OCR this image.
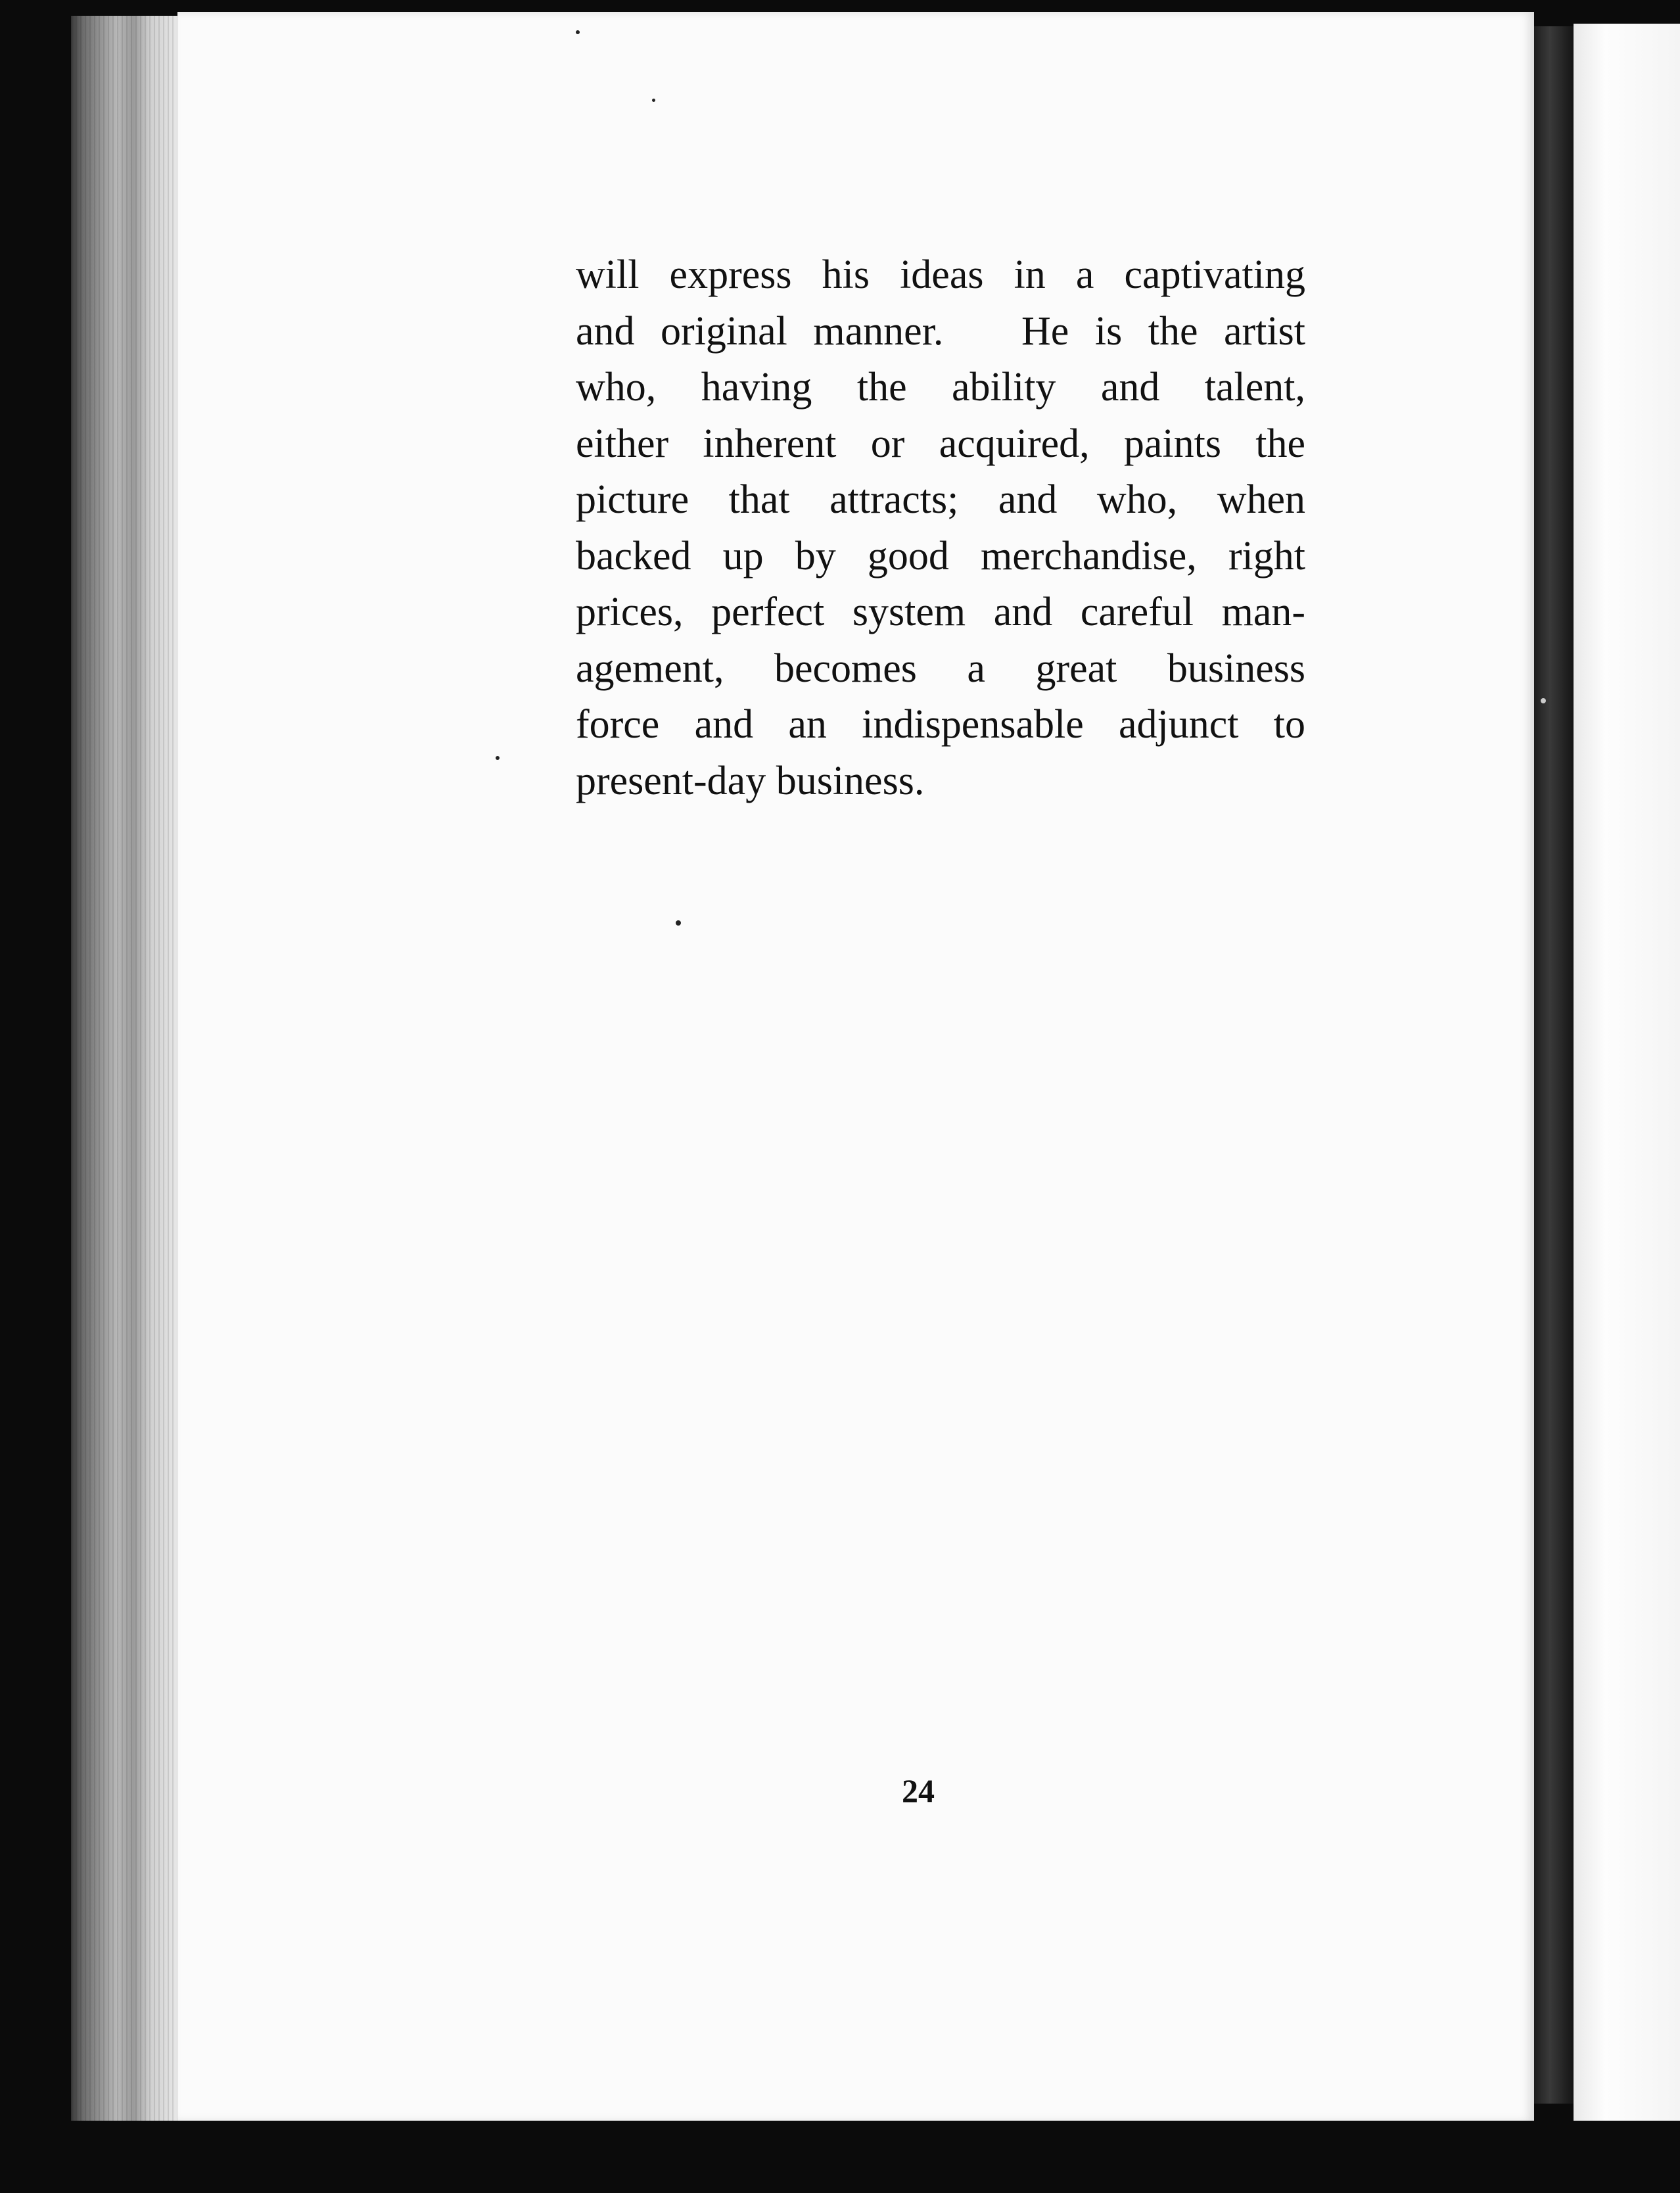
will express his ideas in a captivating
and original manner.   He is the artist
who, having the ability and talent,
either inherent or acquired, paints the
picture that attracts; and who, when
backed up by good merchandise, right
prices, perfect system and careful man-
agement, becomes a great business
force and an indispensable adjunct to
present-day business.
24
